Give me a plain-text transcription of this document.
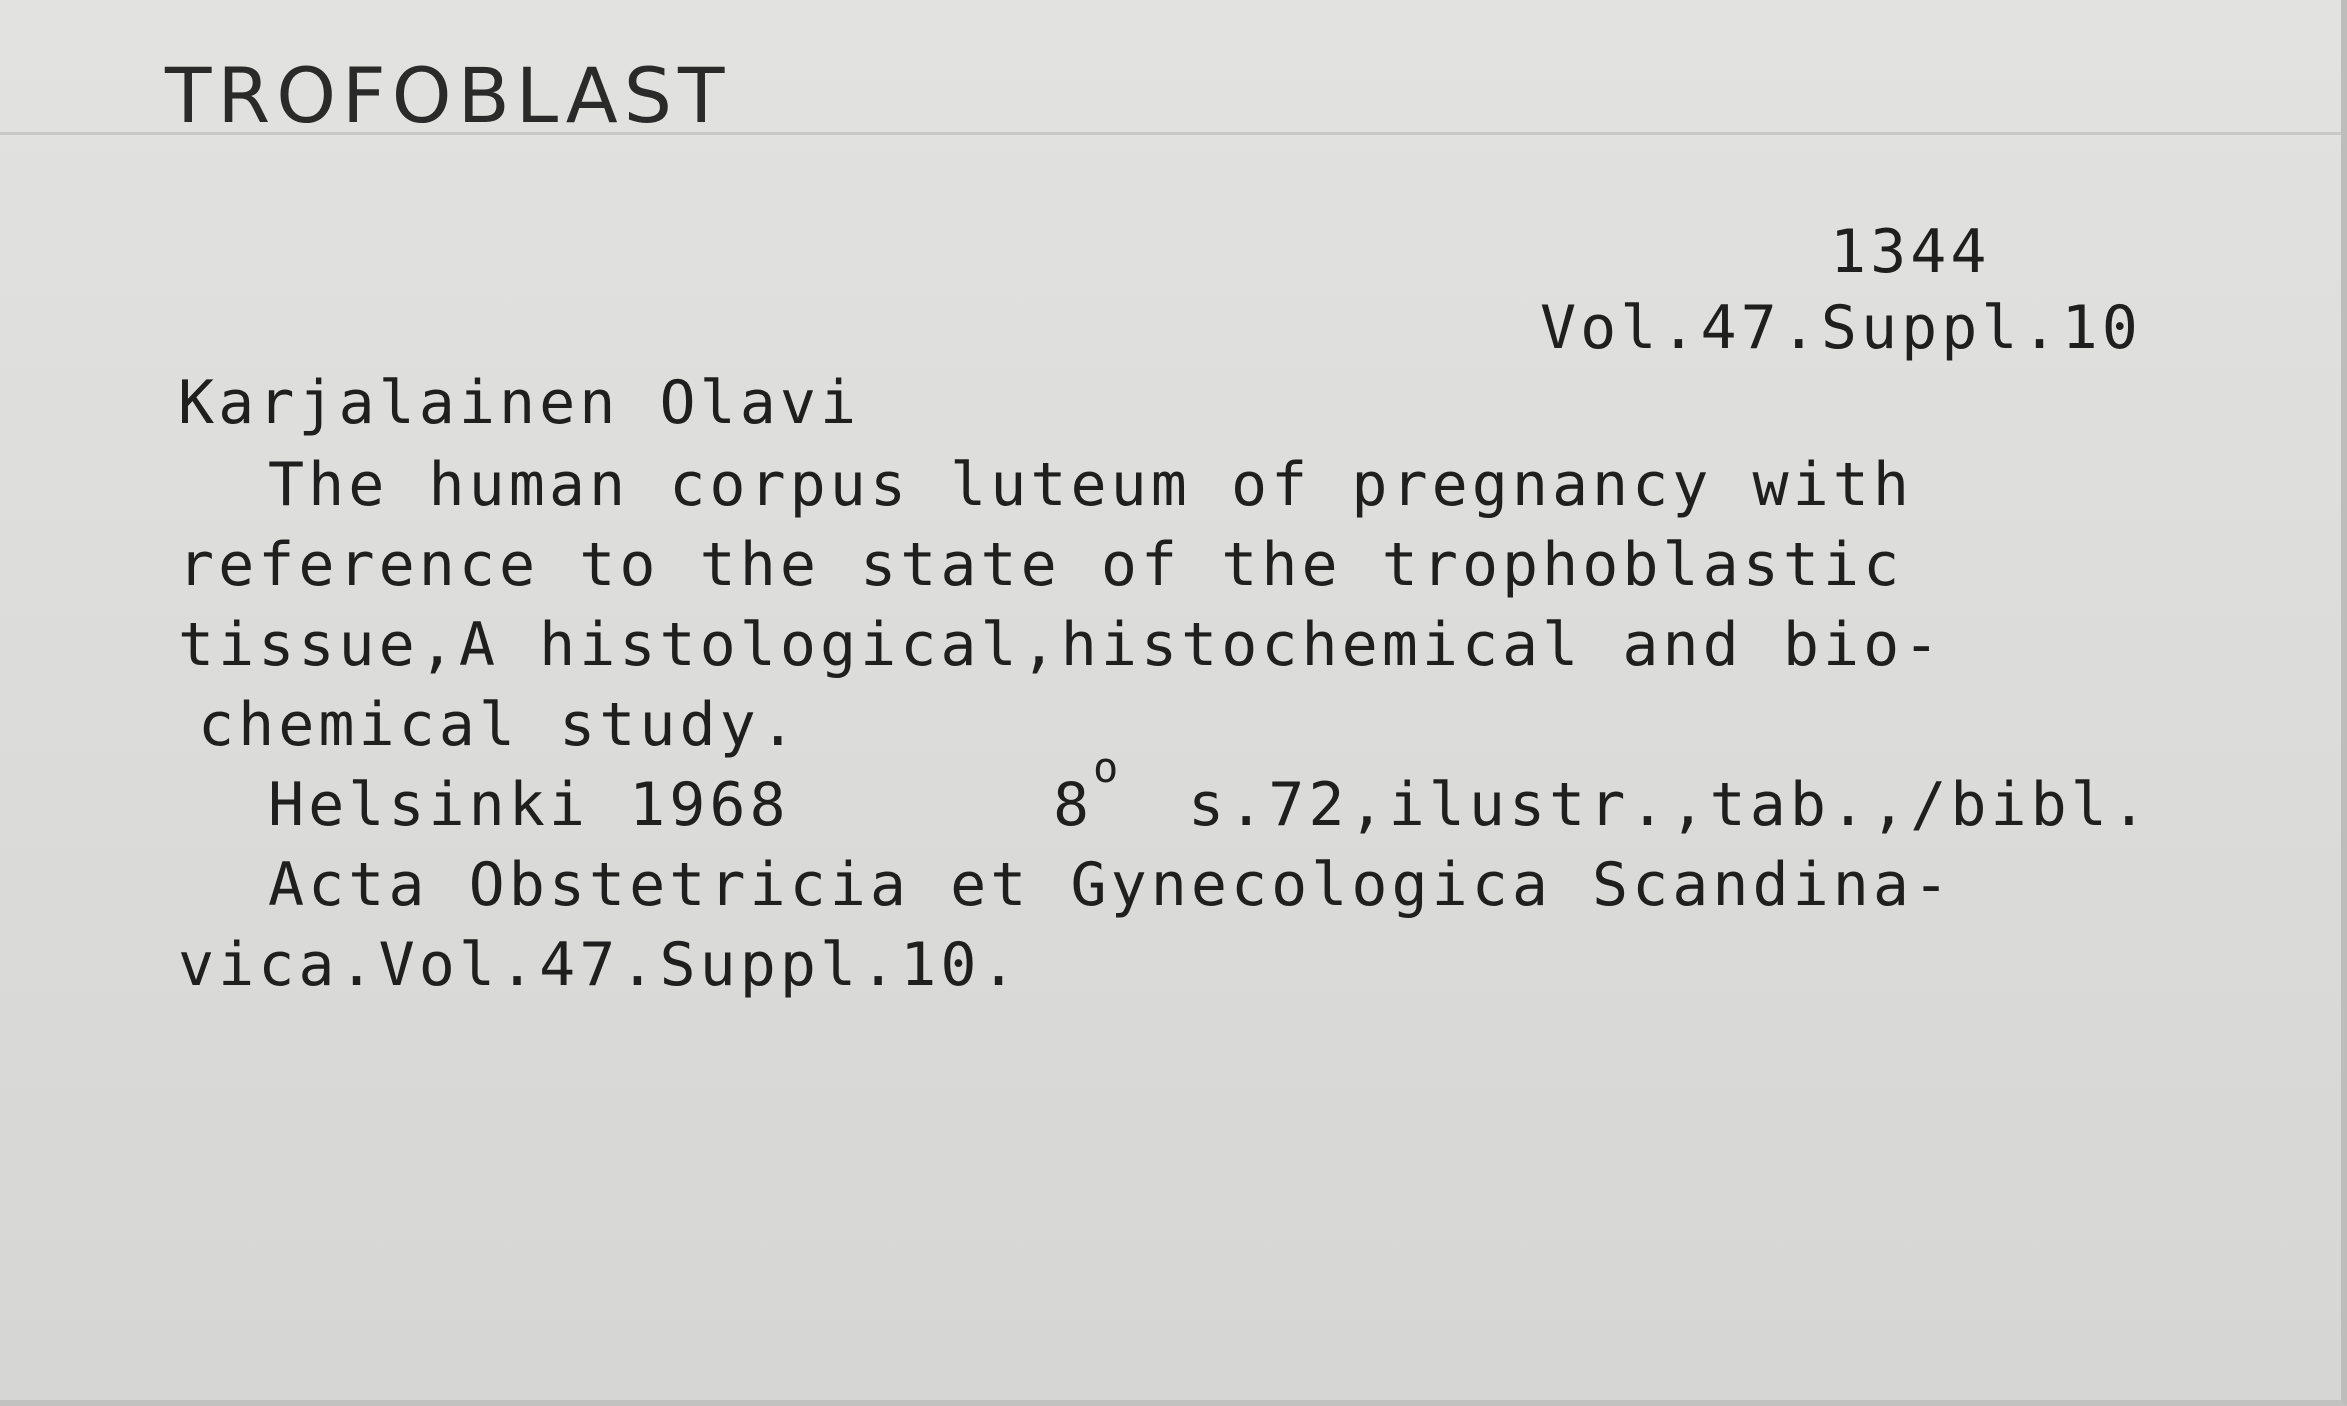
TROFOBLAST
1344
Vol.47.Suppl.10
Karjalainen Olavi
The human corpus luteum of pregnancy with
reference to the state of the trophoblastic
tissue,A histological,histochemical and bio-
chemical study.

Helsinki 1968

	8

o

s.72,ilustr.,tab.,/bibl.

Acta Obstetricia et Gynecologica Scandina-
vica.Vol.47.Suppl.10.
